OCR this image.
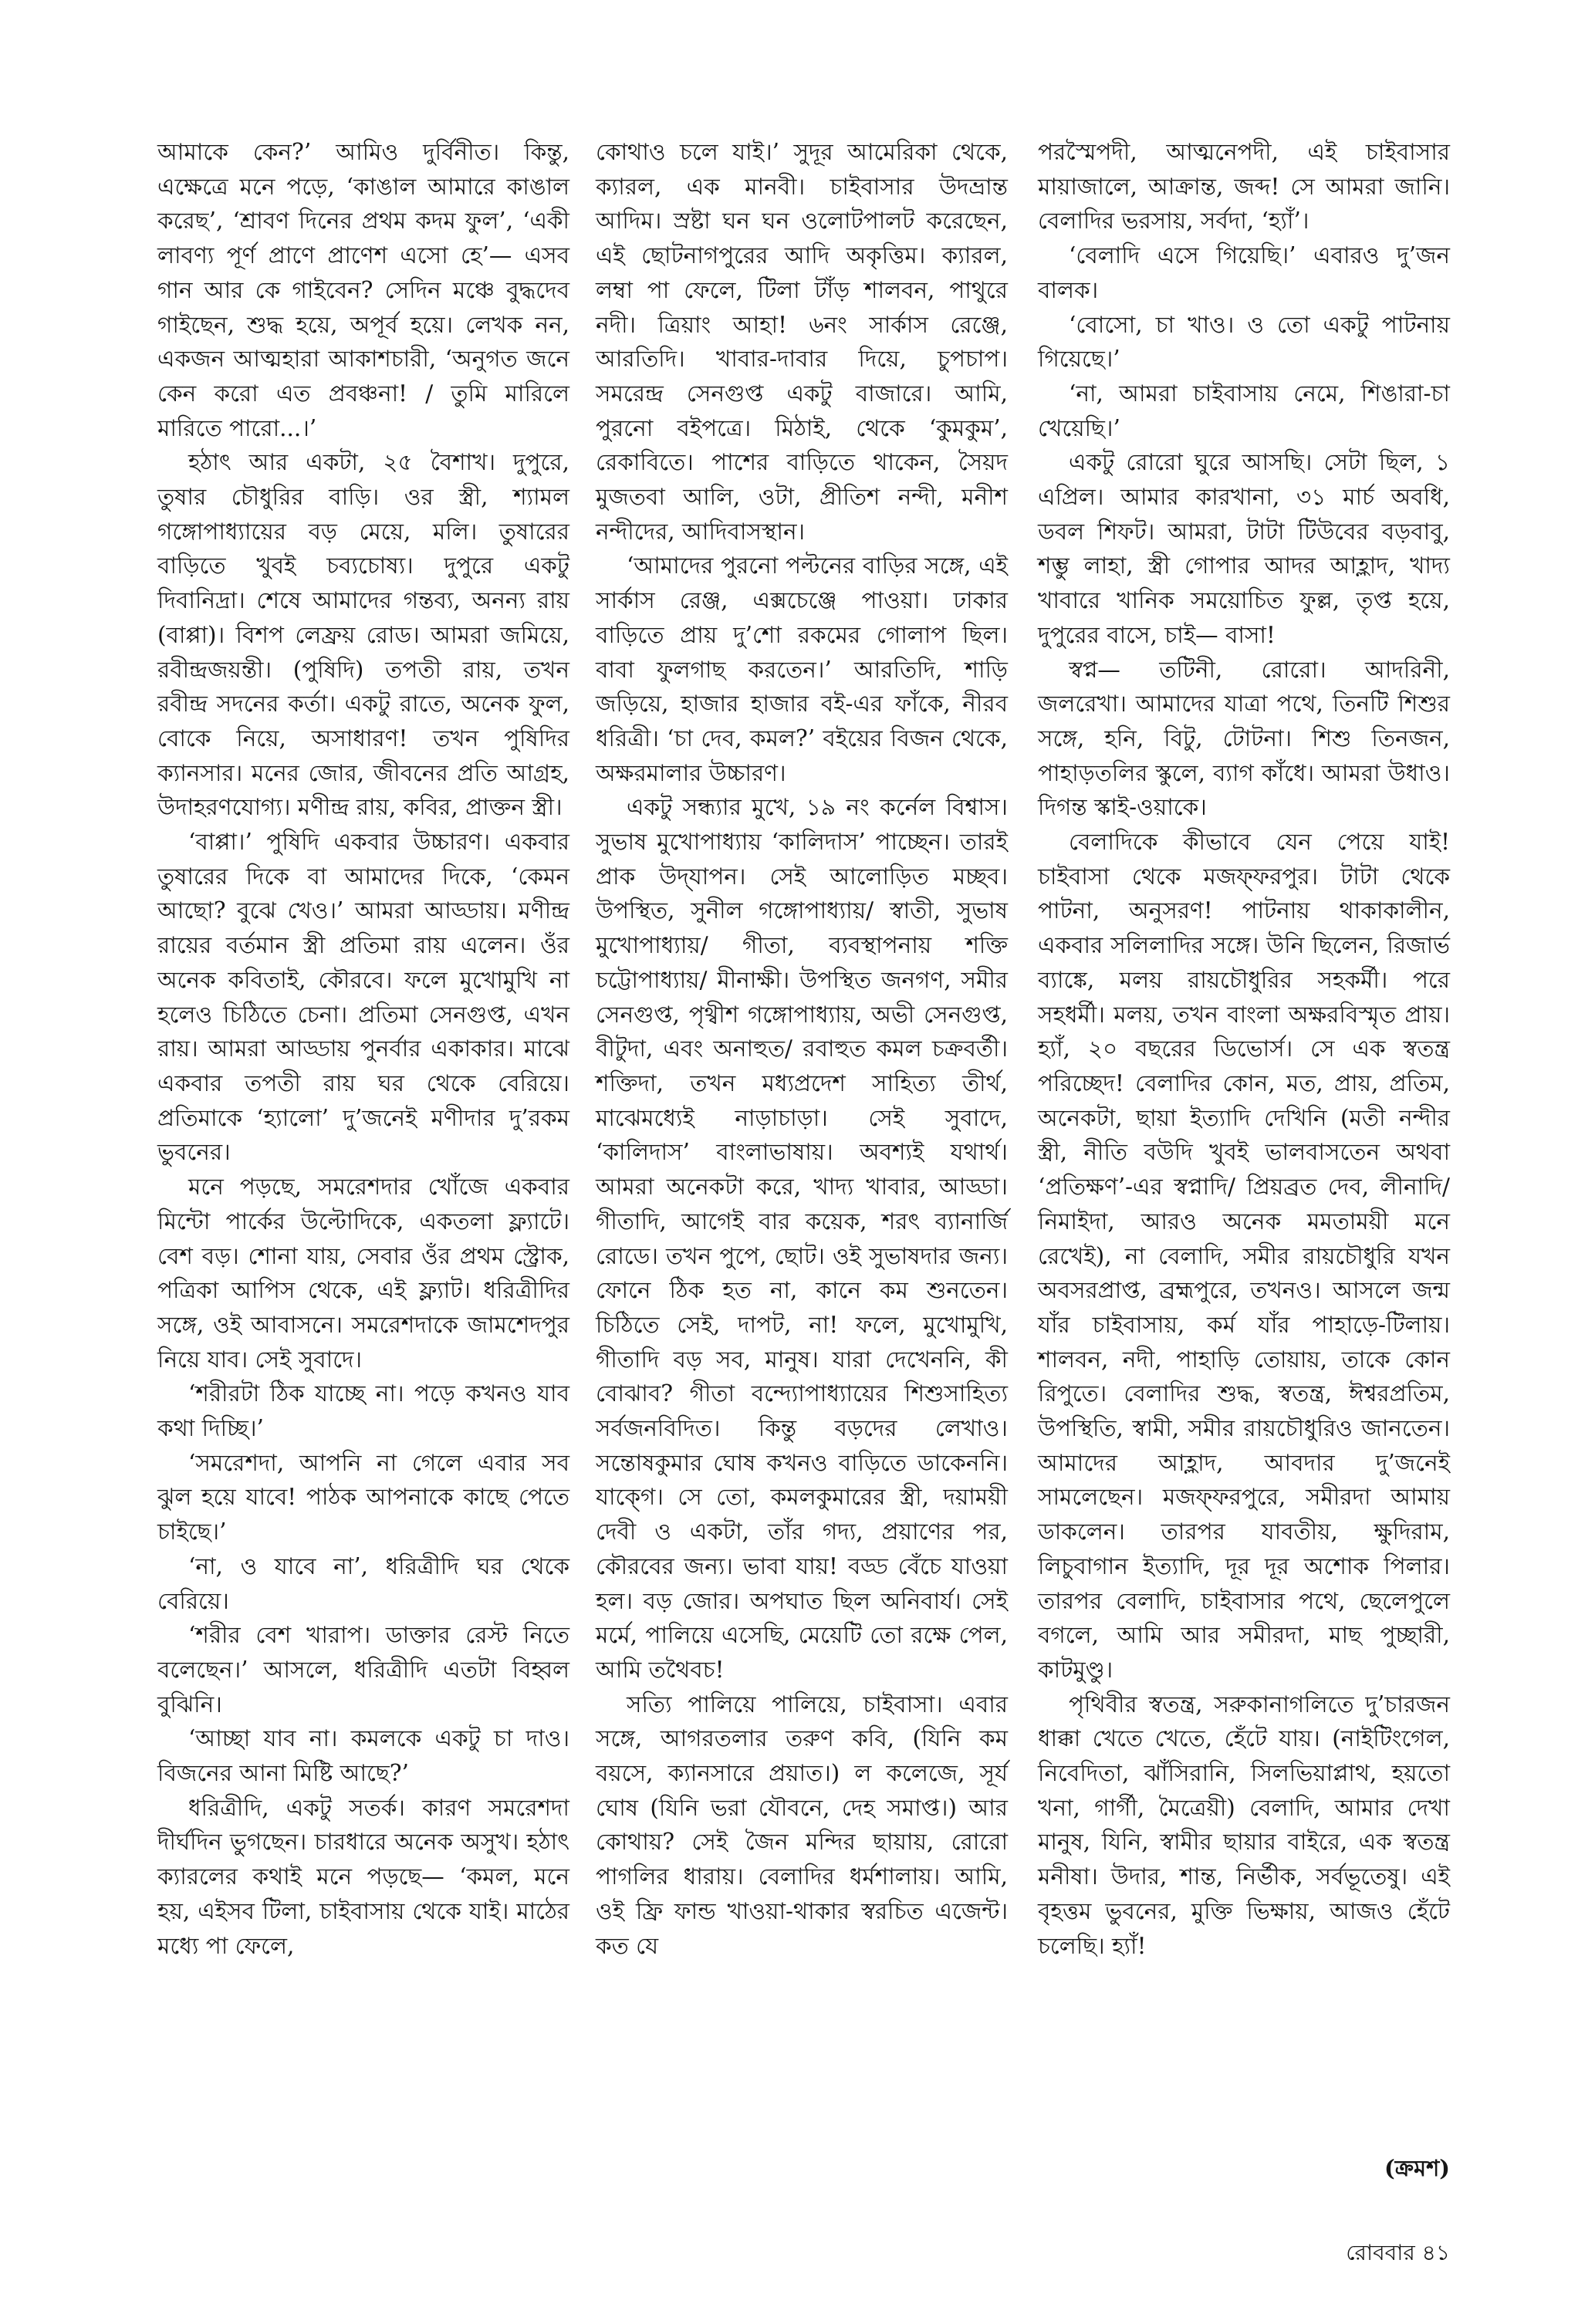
আমাকে কেন?’ আমিও দুর্বিনীত। কিন্তু, এক্ষেত্রে মনে পড়ে, ‘কাঙাল আমারে কাঙাল করেছ’, ‘শ্রাবণ দিনের প্রথম কদম ফুল’, ‘একী লাবণ্য পূর্ণ প্রাণে প্রাণেশ এসো হে’— এসব গান আর কে গাইবেন? সেদিন মঞ্চে বুদ্ধদেব গাইছেন, শুদ্ধ হয়ে, অপূর্ব হয়ে। লেখক নন, একজন আত্মহারা আকাশচারী, ‘অনুগত জনে কেন করো এত প্রবঞ্চনা! / তুমি মারিলে মারিতে পারো...।’

হঠাৎ আর একটা, ২৫ বৈশাখ। দুপুরে, তুষার চৌধুরির বাড়ি। ওর স্ত্রী, শ্যামল গঙ্গোপাধ্যায়ের বড় মেয়ে, মলি। তুষারের বাড়িতে খুবই চব্যচোষ্য। দুপুরে একটু দিবানিদ্রা। শেষে আমাদের গন্তব্য, অনন্য রায় (বাপ্পা)। বিশপ লেফ্রয় রোড। আমরা জমিয়ে, রবীন্দ্রজয়ন্তী। (পুষিদি) তপতী রায়, তখন রবীন্দ্র সদনের কর্তা। একটু রাতে, অনেক ফুল, বোকে নিয়ে, অসাধারণ! তখন পুষিদির ক্যানসার। মনের জোর, জীবনের প্রতি আগ্রহ, উদাহরণযোগ্য। মণীন্দ্র রায়, কবির, প্রাক্তন স্ত্রী।

‘বাপ্পা।’ পুষিদি একবার উচ্চারণ। একবার তুষারের দিকে বা আমাদের দিকে, ‘কেমন আছো? বুঝে খেও।’ আমরা আড্ডায়। মণীন্দ্র রায়ের বর্তমান স্ত্রী প্রতিমা রায় এলেন। ওঁর অনেক কবিতাই, কৌরবে। ফলে মুখোমুখি না হলেও চিঠিতে চেনা। প্রতিমা সেনগুপ্ত, এখন রায়। আমরা আড্ডায় পুনর্বার একাকার। মাঝে একবার তপতী রায় ঘর থেকে বেরিয়ে। প্রতিমাকে ‘হ্যালো’ দু’জনেই মণীদার দু’রকম ভুবনের।

মনে পড়ছে, সমরেশদার খোঁজে একবার মিন্টো পার্কের উল্টোদিকে, একতলা ফ্ল্যাটে। বেশ বড়। শোনা যায়, সেবার ওঁর প্রথম স্ট্রোক, পত্রিকা আপিস থেকে, এই ফ্ল্যাট। ধরিত্রীদির সঙ্গে, ওই আবাসনে। সমরেশদাকে জামশেদপুর নিয়ে যাব। সেই সুবাদে।

‘শরীরটা ঠিক যাচ্ছে না। পড়ে কখনও যাব কথা দিচ্ছি।’

‘সমরেশদা, আপনি না গেলে এবার সব ঝুল হয়ে যাবে! পাঠক আপনাকে কাছে পেতে চাইছে।’

‘না, ও যাবে না’, ধরিত্রীদি ঘর থেকে বেরিয়ে।

‘শরীর বেশ খারাপ। ডাক্তার রেস্ট নিতে বলেছেন।’ আসলে, ধরিত্রীদি এতটা বিহ্বল বুঝিনি।

‘আচ্ছা যাব না। কমলকে একটু চা দাও। বিজনের আনা মিষ্টি আছে?’

ধরিত্রীদি, একটু সতর্ক। কারণ সমরেশদা দীর্ঘদিন ভুগছেন। চারধারে অনেক অসুখ। হঠাৎ ক্যারলের কথাই মনে পড়ছে— ‘কমল, মনে হয়, এইসব টিলা, চাইবাসায় থেকে যাই। মাঠের মধ্যে পা ফেলে,

কোথাও চলে যাই।’ সুদূর আমেরিকা থেকে, ক্যারল, এক মানবী। চাইবাসার উদভ্রান্ত আদিম। স্রষ্টা ঘন ঘন ওলোটপালট করেছেন, এই ছোটনাগপুরের আদি অকৃত্তিম। ক্যারল, লম্বা পা ফেলে, টিলা টাঁড় শালবন, পাথুরে নদী। ত্রিয়াং আহা! ৬নং সার্কাস রেঞ্জে, আরতিদি। খাবার-দাবার দিয়ে, চুপচাপ। সমরেন্দ্র সেনগুপ্ত একটু বাজারে। আমি, পুরনো বইপত্রে। মিঠাই, থেকে ‘কুমকুম’, রেকাবিতে। পাশের বাড়িতে থাকেন, সৈয়দ মুজতবা আলি, ওটা, প্রীতিশ নন্দী, মনীশ নন্দীদের, আদিবাসস্থান।

‘আমাদের পুরনো পল্টনের বাড়ির সঙ্গে, এই সার্কাস রেঞ্জ, এক্সচেঞ্জে পাওয়া। ঢাকার বাড়িতে প্রায় দু’শো রকমের গোলাপ ছিল। বাবা ফুলগাছ করতেন।’ আরতিদি, শাড়ি জড়িয়ে, হাজার হাজার বই-এর ফাঁকে, নীরব ধরিত্রী। ‘চা দেব, কমল?’ বইয়ের বিজন থেকে, অক্ষরমালার উচ্চারণ।

একটু সন্ধ্যার মুখে, ১৯ নং কর্নেল বিশ্বাস। সুভাষ মুখোপাধ্যায় ‘কালিদাস’ পাচ্ছেন। তারই প্রাক উদ্‌যাপন। সেই আলোড়িত মচ্ছব। উপস্থিত, সুনীল গঙ্গোপাধ্যায়/ স্বাতী, সুভাষ মুখোপাধ্যায়/ গীতা, ব্যবস্থাপনায় শক্তি চট্টোপাধ্যায়/ মীনাক্ষী। উপস্থিত জনগণ, সমীর সেনগুপ্ত, পৃথ্বীশ গঙ্গোপাধ্যায়, অভী সেনগুপ্ত, বীটুদা, এবং অনাহুত/ রবাহুত কমল চক্রবর্তী। শক্তিদা, তখন মধ্যপ্রদেশ সাহিত্য তীর্থ, মাঝেমধ্যেই নাড়াচাড়া। সেই সুবাদে, ‘কালিদাস’ বাংলাভাষায়। অবশ্যই যথার্থ। আমরা অনেকটা করে, খাদ্য খাবার, আড্ডা। গীতাদি, আগেই বার কয়েক, শরৎ ব্যানার্জি রোডে। তখন পুপে, ছোট। ওই সুভাষদার জন্য। ফোনে ঠিক হত না, কানে কম শুনতেন। চিঠিতে সেই, দাপট, না! ফলে, মুখোমুখি, গীতাদি বড় সব, মানুষ। যারা দেখেননি, কী বোঝাব? গীতা বন্দ্যোপাধ্যায়ের শিশুসাহিত্য সর্বজনবিদিত। কিন্তু বড়দের লেখাও। সন্তোষকুমার ঘোষ কখনও বাড়িতে ডাকেননি। যাক্গে। সে তো, কমলকুমারের স্ত্রী, দয়াময়ী দেবী ও একটা, তাঁর গদ্য, প্রয়াণের পর, কৌরবের জন্য। ভাবা যায়! বড্ড বেঁচে যাওয়া হল। বড় জোর। অপঘাত ছিল অনিবার্য। সেই মর্মে, পালিয়ে এসেছি, মেয়েটি তো রক্ষে পেল, আমি তথৈবচ!

সত্যি পালিয়ে পালিয়ে, চাইবাসা। এবার সঙ্গে, আগরতলার তরুণ কবি, (যিনি কম বয়সে, ক্যানসারে প্রয়াত।) ল কলেজে, সূর্য ঘোষ (যিনি ভরা যৌবনে, দেহ সমাপ্ত।) আর কোথায়? সেই জৈন মন্দির ছায়ায়, রোরো পাগলির ধারায়। বেলাদির ধর্মশালায়। আমি, ওই ফ্রি ফান্ড খাওয়া-থাকার স্বরচিত এজেন্ট। কত যে

পরস্মৈপদী, আত্মনেপদী, এই চাইবাসার মায়াজালে, আক্রান্ত, জব্দ! সে আমরা জানি। বেলাদির ভরসায়, সর্বদা, ‘হ্যাঁ’।

‘বেলাদি এসে গিয়েছি।’ এবারও দু’জন বালক।

‘বোসো, চা খাও। ও তো একটু পাটনায় গিয়েছে।’

‘না, আমরা চাইবাসায় নেমে, শিঙারা-চা খেয়েছি।’

একটু রোরো ঘুরে আসছি। সেটা ছিল, ১ এপ্রিল। আমার কারখানা, ৩১ মার্চ অবধি, ডবল শিফট। আমরা, টাটা টিউবের বড়বাবু, শম্ভু লাহা, স্ত্রী গোপার আদর আহ্লাদ, খাদ্য খাবারে খানিক সময়োচিত ফুল্ল, তৃপ্ত হয়ে, দুপুরের বাসে, চাই— বাসা!

স্বপ্ন— তটিনী, রোরো। আদরিনী, জলরেখা। আমাদের যাত্রা পথে, তিনটি শিশুর সঙ্গে, হনি, বিটু, টোটনা। শিশু তিনজন, পাহাড়তলির স্কুলে, ব্যাগ কাঁধে। আমরা উধাও। দিগন্ত স্কাই-ওয়াকে।

বেলাদিকে কীভাবে যেন পেয়ে যাই! চাইবাসা থেকে মজফ্ফরপুর। টাটা থেকে পাটনা, অনুসরণ! পাটনায় থাকাকালীন, একবার সলিলাদির সঙ্গে। উনি ছিলেন, রিজার্ভ ব্যাঙ্কে, মলয় রায়চৌধুরির সহকর্মী। পরে সহধর্মী। মলয়, তখন বাংলা অক্ষরবিস্মৃত প্রায়। হ্যাঁ, ২০ বছরের ডিভোর্স। সে এক স্বতন্ত্র পরিচ্ছেদ! বেলাদির কোন, মত, প্রায়, প্রতিম, অনেকটা, ছায়া ইত্যাদি দেখিনি (মতী নন্দীর স্ত্রী, নীতি বউদি খুবই ভালবাসতেন অথবা ‘প্রতিক্ষণ’-এর স্বপ্নাদি/ প্রিয়ব্রত দেব, লীনাদি/ নিমাইদা, আরও অনেক মমতাময়ী মনে রেখেই), না বেলাদি, সমীর রায়চৌধুরি যখন অবসরপ্রাপ্ত, ব্রহ্মপুরে, তখনও। আসলে জন্ম যাঁর চাইবাসায়, কর্ম যাঁর পাহাড়ে-টিলায়। শালবন, নদী, পাহাড়ি তোয়ায়, তাকে কোন রিপুতে। বেলাদির শুদ্ধ, স্বতন্ত্র, ঈশ্বরপ্রতিম, উপস্থিতি, স্বামী, সমীর রায়চৌধুরিও জানতেন। আমাদের আহ্লাদ, আবদার দু’জনেই সামলেছেন। মজফ্ফরপুরে, সমীরদা আমায় ডাকলেন। তারপর যাবতীয়, ক্ষুদিরাম, লিচুবাগান ইত্যাদি, দূর দূর অশোক পিলার। তারপর বেলাদি, চাইবাসার পথে, ছেলেপুলে বগলে, আমি আর সমীরদা, মাছ পুচ্ছারী, কাটমুণ্ডু।

পৃথিবীর স্বতন্ত্র, সরুকানাগলিতে দু’চারজন ধাক্কা খেতে খেতে, হেঁটে যায়। (নাইটিংগেল, নিবেদিতা, ঝাঁসিরানি, সিলভিয়াপ্লাথ, হয়তো খনা, গার্গী, মৈত্রেয়ী) বেলাদি, আমার দেখা মানুষ, যিনি, স্বামীর ছায়ার বাইরে, এক স্বতন্ত্র মনীষা। উদার, শান্ত, নির্ভীক, সর্বভূতেষু। এই বৃহত্তম ভুবনের, মুক্তি ভিক্ষায়, আজও হেঁটে চলেছি। হ্যাঁ!

(ক্রমশ)
রোববার ৪১
